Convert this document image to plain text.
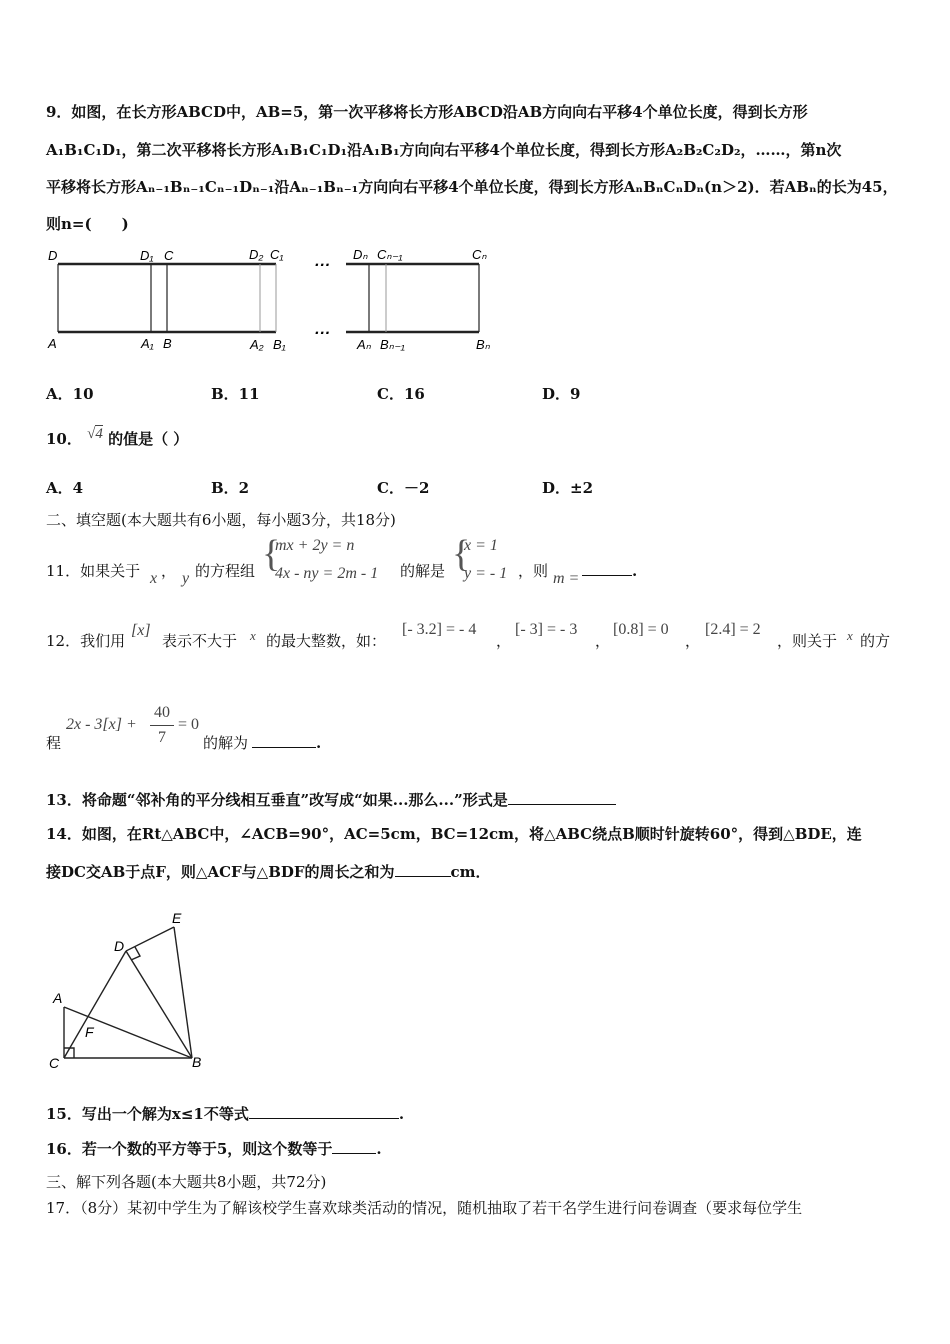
9．如图，在长方形ABCD中，AB=5，第一次平移将长方形ABCD沿AB方向向右平移4个单位长度，得到长方形
A₁B₁C₁D₁，第二次平移将长方形A₁B₁C₁D₁沿A₁B₁方向向右平移4个单位长度，得到长方形A₂B₂C₂D₂，……，第n次
平移将长方形Aₙ₋₁Bₙ₋₁Cₙ₋₁Dₙ₋₁沿Aₙ₋₁Bₙ₋₁方向向右平移4个单位长度，得到长方形AₙBₙCₙDₙ(n＞2)．若ABₙ的长为45，
则n=(　　)
···
···
D	D₁ C	D₂ C₁	Dₙ Cₙ₋₁	Cₙ
A	A₁ B	A₂ B₁	Aₙ Bₙ₋₁	Bₙ
A．10	B．11	C．16	D．9
10． √4 的值是（ ）
A．4	B．2	C．－2	D．±2
二、填空题(本大题共有6小题，每小题3分，共18分)
11．如果关于 x ， y 的方程组 {
mx + 2y = n
4x - ny = 2m - 1 的解是 {
x = 1
y = - 1 ，则 m =	.
12．我们用
[x]
表示不大于 x 的最大整数，如：
[- 3.2] = - 4
，
[- 3] = - 3
，
[0.8] = 0
，
[2.4] = 2
，则关于 x 的方
程
2x - 3[x] +
40
7
= 0
的解为	.
13．将命题“邻补角的平分线相互垂直”改写成“如果...那么...”形式是
14．如图，在Rt△ABC中，∠ACB=90°，AC=5cm，BC=12cm，将△ABC绕点B顺时针旋转60°，得到△BDE，连
接DC交AB于点F，则△ACF与△BDF的周长之和为	cm．
E
D
A
F
C	B
15．写出一个解为x≤1不等式	.
16．若一个数的平方等于5，则这个数等于	.
三、解下列各题(本大题共8小题，共72分)
17．（8分）某初中学生为了解该校学生喜欢球类活动的情况，随机抽取了若干名学生进行问卷调查（要求每位学生
